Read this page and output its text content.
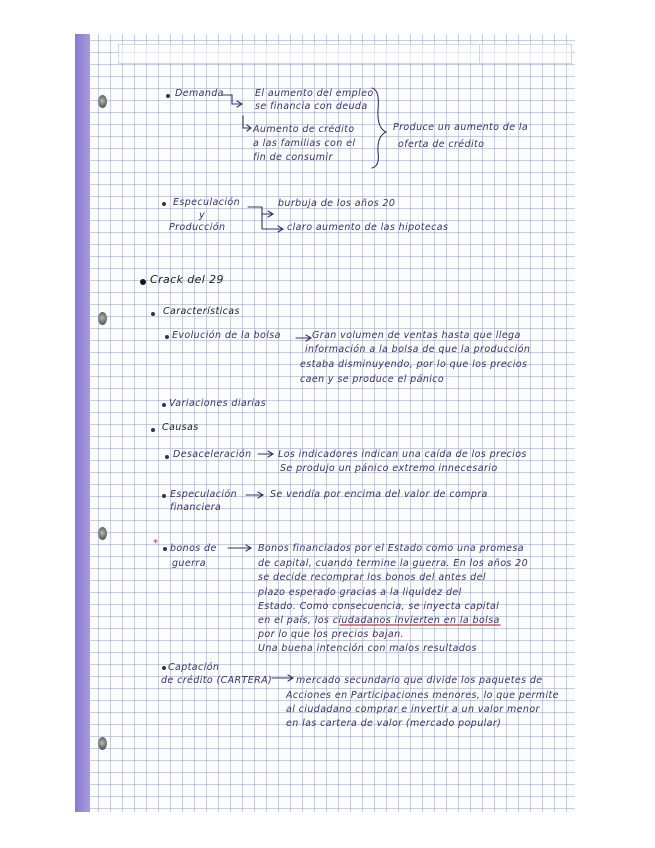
Demanda	El aumento del empleo
se financia con deuda
Aumento de crédito
a las familias con el
fin de consumir
Produce un aumento de la
oferta de crédito
Especulación
y
Producción
burbuja de los años 20
claro aumento de las hipotecas
Crack del 29
Características
Evolución de la bolsa	Gran volumen de ventas hasta que llega
información a la bolsa de que la producción
estaba disminuyendo, por lo que los precios
caen y se produce el pánico
Variaciones diarias
Causas
Desaceleración	Los indicadores indican una caída de los precios
Se produjo un pánico extremo innecesario
Especulación
financiera
Se vendía por encima del valor de compra
* bonos de
guerra
Bonos financiados por el Estado como una promesa
de capital, cuando termine la guerra. En los años 20
se decide recomprar los bonos del antes del
plazo esperado gracias a la liquidez del
Estado. Como consecuencia, se inyecta capital
en el país, los ciudadanos invierten en la bolsa
por lo que los precios bajan.
Una buena intención con malos resultados
Captación
de crédito (CARTERA)	mercado secundario que divide los paquetes de
Acciones en Participaciones menores, lo que permite
al ciudadano comprar e invertir a un valor menor
en las cartera de valor (mercado popular)
